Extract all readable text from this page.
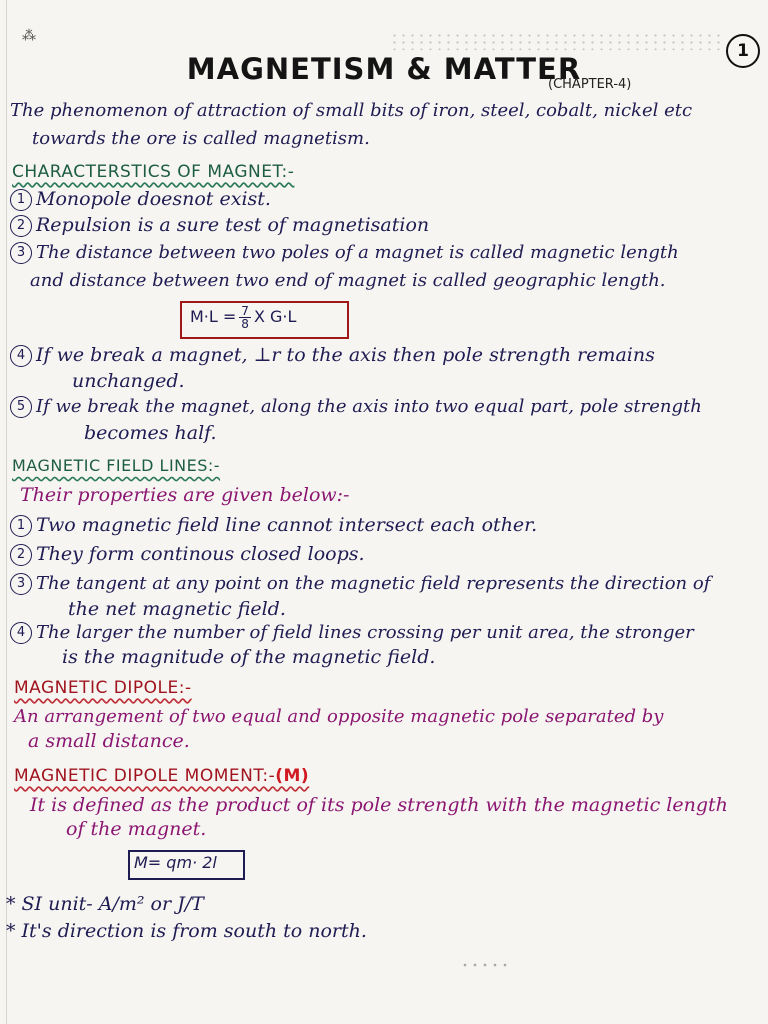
⁂
1
MAGNETISM & MATTER
(CHAPTER-4)
The phenomenon of attraction of small bits of iron, steel, cobalt, nickel etc
towards the ore is called magnetism.
CHARACTERSTICS OF MAGNET:-
1 Monopole doesnot exist.
2 Repulsion is a sure test of magnetisation
3 The distance between two poles of a magnet is called magnetic length
and distance between two end of magnet is called geographic length.
$M\cdot L = \frac{7}{8}$ X G·L
4 If we break a magnet, ⊥r to the axis then pole strength remains
unchanged.
5 If we break the magnet, along the axis into two equal part, pole strength
becomes half.
MAGNETIC FIELD LINES:-
Their properties are given below:-
1 Two magnetic field line cannot intersect each other.
2 They form continous closed loops.
3 The tangent at any point on the magnetic field represents the direction of
the net magnetic field.
4 The larger the number of field lines crossing per unit area, the stronger
is the magnitude of the magnetic field.
MAGNETIC DIPOLE:-
An arrangement of two equal and opposite magnetic pole separated by
a small distance.
MAGNETIC DIPOLE MOMENT:-(M)
It is defined as the product of its pole strength with the magnetic length
of the magnet.
M= qm· 2l
* SI unit- A/m² or J/T
* It's direction is from south to north.
